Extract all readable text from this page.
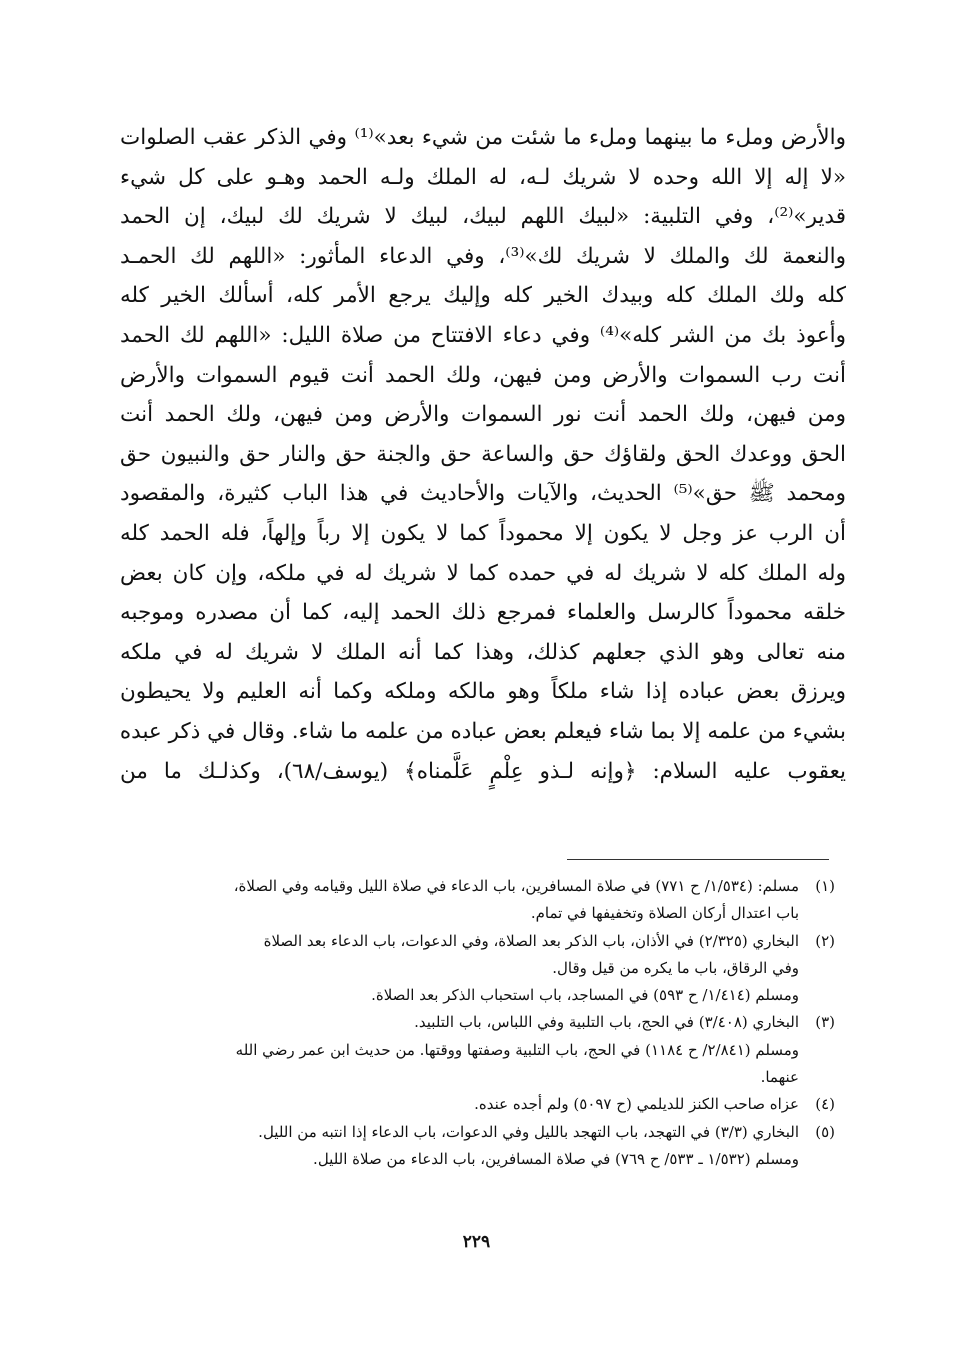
والأرض وملء ما بينهما وملء ما شئت من شيء بعد»⁽¹⁾ وفي الذكر عقب الصلوات
«لا إله إلا الله وحده لا شريك لـه، له الملك ولـه الحمد وهـو على كل شيء
قدير»⁽²⁾، وفي التلبية: «لبيك اللهم لبيك، لبيك لا شريك لك لبيك، إن الحمد
والنعمة لك والملك لا شريك لك»⁽³⁾، وفي الدعاء المأثور: «اللهم لك الحمـد
كله ولك الملك كله وبيدك الخير كله وإليك يرجع الأمر كله، أسألك الخير كله
وأعوذ بك من الشر كله»⁽⁴⁾ وفي دعاء الافتتاح من صلاة الليل: «اللهم لك الحمد
أنت رب السموات والأرض ومن فيهن، ولك الحمد أنت قيوم السموات والأرض
ومن فيهن، ولك الحمد أنت نور السموات والأرض ومن فيهن، ولك الحمد أنت
الحق ووعدك الحق ولقاؤك حق والساعة حق والجنة حق والنار حق والنبيون حق
ومحمد ﷺ حق»⁽⁵⁾ الحديث، والآيات والأحاديث في هذا الباب كثيرة، والمقصود
أن الرب عز وجل لا يكون إلا محموداً كما لا يكون إلا رباً وإلهاً، فله الحمد كله
وله الملك كله لا شريك له في حمده كما لا شريك له في ملكه، وإن كان بعض
خلقه محموداً كالرسل والعلماء فمرجع ذلك الحمد إليه، كما أن مصدره وموجبه
منه تعالى وهو الذي جعلهم كذلك، وهذا كما أنه الملك لا شريك له في ملكه
ويرزق بعض عباده إذا شاء ملكاً وهو مالكه وملكه وكما أنه العليم ولا يحيطون
بشيء من علمه إلا بما شاء فيعلم بعض عباده من علمه ما شاء. وقال في ذكر عبده
يعقوب عليه السلام: ﴿وإنه لـذو عِلْمٍ عَلَّمناه﴾ (يوسف/٦٨)، وكذلـك ما من
(١)مسلم: (١/٥٣٤/ ح ٧٧١) في صلاة المسافرين، باب الدعاء في صلاة الليل وقيامه وفي الصلاة،
باب اعتدال أركان الصلاة وتخفيفها في تمام.
(٢)البخاري (٢/٣٢٥) في الأذان، باب الذكر بعد الصلاة، وفي الدعوات، باب الدعاء بعد الصلاة
وفي الرقاق، باب ما يكره من قيل وقال.
ومسلم (١/٤١٤/ ح ٥٩٣) في المساجد، باب استحباب الذكر بعد الصلاة.
(٣)البخاري (٣/٤٠٨) في الحج، باب التلبية وفي اللباس، باب التلبيد.
ومسلم (٢/٨٤١/ ح ١١٨٤) في الحج، باب التلبية وصفتها ووقتها. من حديث ابن عمر رضي الله
عنهما.
(٤)عزاه صاحب الكنز للديلمي (ح ٥٠٩٧) ولم أجده عنده.
(٥)البخاري (٣/٣) في التهجد، باب التهجد بالليل وفي الدعوات، باب الدعاء إذا انتبه من الليل.
ومسلم (١/٥٣٢ ـ ٥٣٣/ ح ٧٦٩) في صلاة المسافرين، باب الدعاء من صلاة الليل.
٢٢٩
